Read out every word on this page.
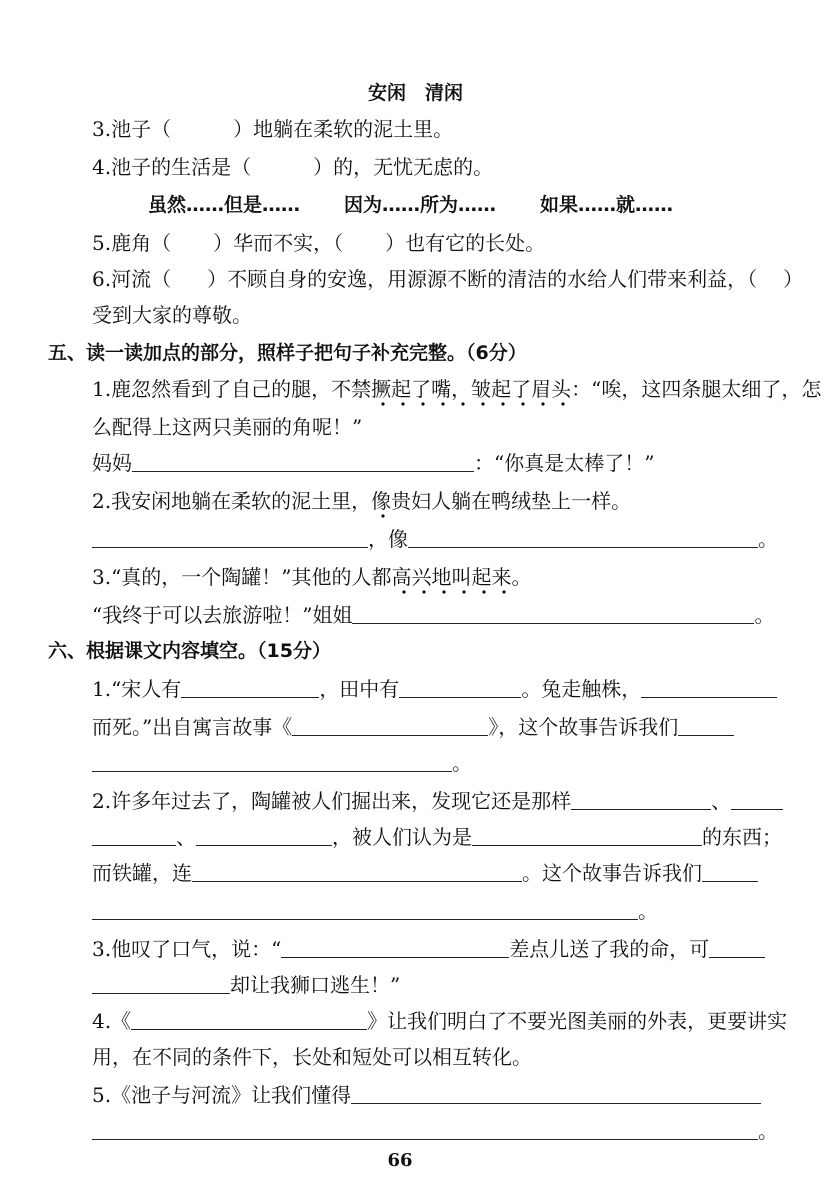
安闲　清闲
3.池子（	）地躺在柔软的泥土里。
4.池子的生活是（	）的，无忧无虑的。
虽然……但是…… 因为……所为…… 如果……就……
5.鹿角（ ）华而不实，（ ）也有它的长处。
6.河流（ ）不顾自身的安逸，用源源不断的清洁的水给人们带来利益，（ ）
受到大家的尊敬。
五、读一读加点的部分，照样子把句子补充完整。（6分）
1.鹿忽然看到了自己的腿，不禁撅起了嘴，皱起了眉头：“唉，这四条腿太细了，怎
么配得上这两只美丽的角呢！”
妈妈	：“你真是太棒了！”
2.我安闲地躺在柔软的泥土里，像贵妇人躺在鸭绒垫上一样。
，像	。
3.“真的，一个陶罐！”其他的人都高兴地叫起来。
“我终于可以去旅游啦！”姐姐	。
六、根据课文内容填空。（15分）
1.“宋人有	，田中有	。兔走触株，
而死。”出自寓言故事《	》，这个故事告诉我们
。
2.许多年过去了，陶罐被人们掘出来，发现它还是那样	、
、	，被人们认为是	的东西；
而铁罐，连	。这个故事告诉我们
。
3.他叹了口气，说：“	差点儿送了我的命，可
却让我狮口逃生！”
4.《	》让我们明白了不要光图美丽的外表，更要讲实
用，在不同的条件下，长处和短处可以相互转化。
5.《池子与河流》让我们懂得
。
66
